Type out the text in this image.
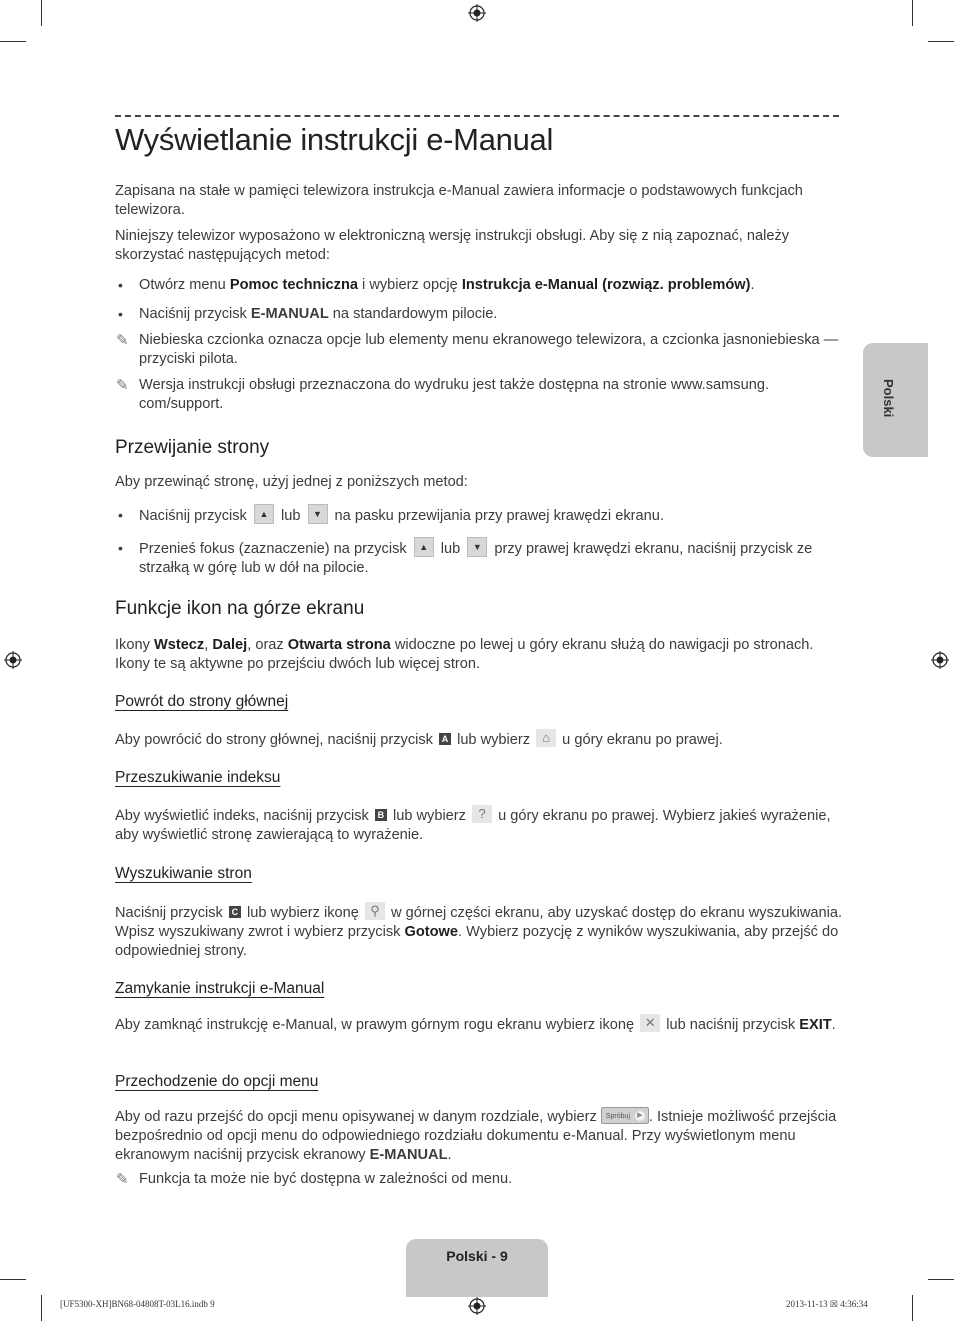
Wyświetlanie instrukcji e-Manual

Zapisana na stałe w pamięci telewizora instrukcja e-Manual zawiera informacje o podstawowych funkcjach telewizora.

Niniejszy telewizor wyposażono w elektroniczną wersję instrukcji obsługi. Aby się z nią zapoznać, należy skorzystać następujących metod:

• Otwórz menu Pomoc techniczna i wybierz opcję Instrukcja e-Manual (rozwiąz. problemów).

• Naciśnij przycisk E-MANUAL na standardowym pilocie.

✎ Niebieska czcionka oznacza opcje lub elementy menu ekranowego telewizora, a czcionka jasnoniebieska — przyciski pilota.

✎ Wersja instrukcji obsługi przeznaczona do wydruku jest także dostępna na stronie www.samsung. com/support.

Przewijanie strony

Aby przewinąć stronę, użyj jednej z poniższych metod:

• Naciśnij przycisk ▲ lub ▼ na pasku przewijania przy prawej krawędzi ekranu.

• Przenieś fokus (zaznaczenie) na przycisk ▲ lub ▼ przy prawej krawędzi ekranu, naciśnij przycisk ze strzałką w górę lub w dół na pilocie.

Funkcje ikon na górze ekranu

Ikony Wstecz, Dalej, oraz Otwarta strona widoczne po lewej u góry ekranu służą do nawigacji po stronach. Ikony te są aktywne po przejściu dwóch lub więcej stron.

Powrót do strony głównej

Aby powrócić do strony głównej, naciśnij przycisk A lub wybierz ⌂ u góry ekranu po prawej.

Przeszukiwanie indeksu

Aby wyświetlić indeks, naciśnij przycisk B lub wybierz ? u góry ekranu po prawej. Wybierz jakieś wyrażenie, aby wyświetlić stronę zawierającą to wyrażenie.

Wyszukiwanie stron

Naciśnij przycisk C lub wybierz ikonę ⚲ w górnej części ekranu, aby uzyskać dostęp do ekranu wyszukiwania. Wpisz wyszukiwany zwrot i wybierz przycisk Gotowe. Wybierz pozycję z wyników wyszukiwania, aby przejść do odpowiedniej strony.

Zamykanie instrukcji e-Manual

Aby zamknąć instrukcję e-Manual, w prawym górnym rogu ekranu wybierz ikonę ✕ lub naciśnij przycisk EXIT.

Przechodzenie do opcji menu

Aby od razu przejść do opcji menu opisywanej w danym rozdziale, wybierz Spróbuj	▶ . Istnieje możliwość przejścia bezpośrednio od opcji menu do odpowiedniego rozdziału dokumentu e-Manual. Przy wyświetlonym menu ekranowym naciśnij przycisk ekranowy E-MANUAL.

✎ Funkcja ta może nie być dostępna w zależności od menu.

Polski
Polski - 9
[UF5300-XH]BN68-04808T-03L16.indb 9	2013-11-13 ☒ 4:36:34
